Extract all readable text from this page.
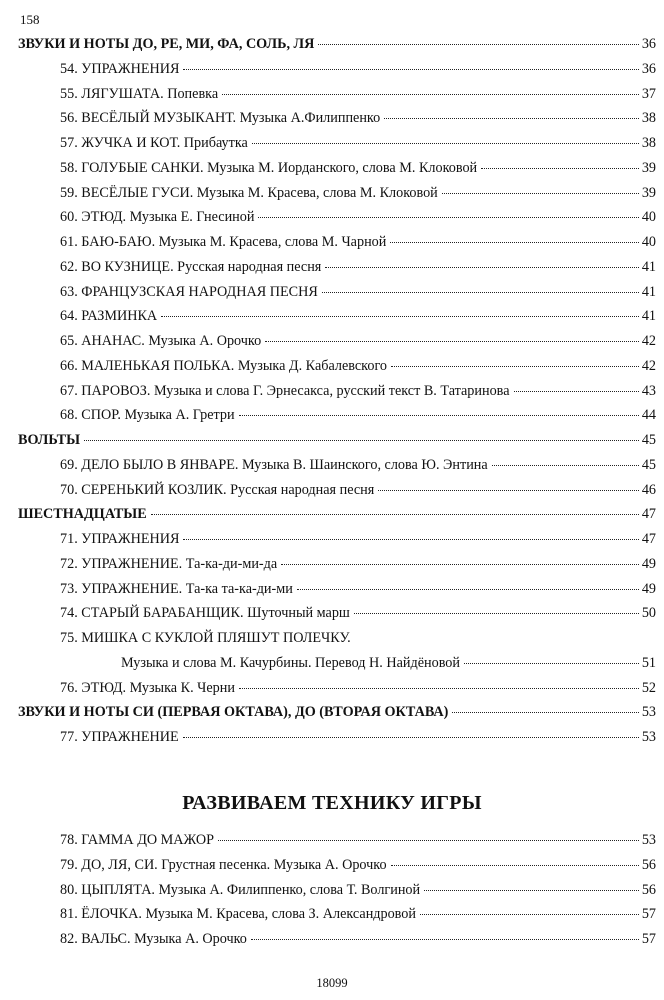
158
ЗВУКИ И НОТЫ ДО, РЕ, МИ, ФА, СОЛЬ, ЛЯ	36
54. УПРАЖНЕНИЯ	36
55. ЛЯГУШАТА. Попевка	37
56. ВЕСЁЛЫЙ МУЗЫКАНТ. Музыка А.Филиппенко	38
57. ЖУЧКА И КОТ. Прибаутка	38
58. ГОЛУБЫЕ САНКИ. Музыка М. Иорданского, слова М. Клоковой	39
59. ВЕСЁЛЫЕ ГУСИ. Музыка М. Красева, слова М. Клоковой	39
60. ЭТЮД. Музыка Е. Гнесиной	40
61. БАЮ-БАЮ. Музыка М. Красева, слова М. Чарной	40
62. ВО КУЗНИЦЕ. Русская народная песня	41
63. ФРАНЦУЗСКАЯ НАРОДНАЯ ПЕСНЯ	41
64. РАЗМИНКА	41
65. АНАНАС. Музыка А. Орочко	42
66. МАЛЕНЬКАЯ ПОЛЬКА. Музыка Д. Кабалевского	42
67. ПАРОВОЗ. Музыка и слова Г. Эрнесакса, русский текст В. Татаринова	43
68. СПОР. Музыка А. Гретри	44
ВОЛЬТЫ	45
69. ДЕЛО БЫЛО В ЯНВАРЕ. Музыка В. Шаинского, слова Ю. Энтина	45
70. СЕРЕНЬКИЙ КОЗЛИК. Русская народная песня	46
ШЕСТНАДЦАТЫЕ	47
71. УПРАЖНЕНИЯ	47
72. УПРАЖНЕНИЕ. Та-ка-ди-ми-да	49
73. УПРАЖНЕНИЕ. Та-ка та-ка-ди-ми	49
74. СТАРЫЙ БАРАБАНЩИК. Шуточный марш	50
75. МИШКА С КУКЛОЙ ПЛЯШУТ ПОЛЕЧКУ.
Музыка и слова М. Качурбины. Перевод Н. Найдёновой	51
76. ЭТЮД. Музыка К. Черни	52
ЗВУКИ И НОТЫ СИ (ПЕРВАЯ ОКТАВА), ДО (ВТОРАЯ ОКТАВА)	53
77. УПРАЖНЕНИЕ	53
РАЗВИВАЕМ ТЕХНИКУ ИГРЫ
78. ГАММА ДО МАЖОР	53
79. ДО, ЛЯ, СИ. Грустная песенка. Музыка А. Орочко	56
80. ЦЫПЛЯТА. Музыка А. Филиппенко, слова Т. Волгиной	56
81. ЁЛОЧКА. Музыка М. Красева, слова З. Александровой	57
82. ВАЛЬС. Музыка А. Орочко	57
18099
